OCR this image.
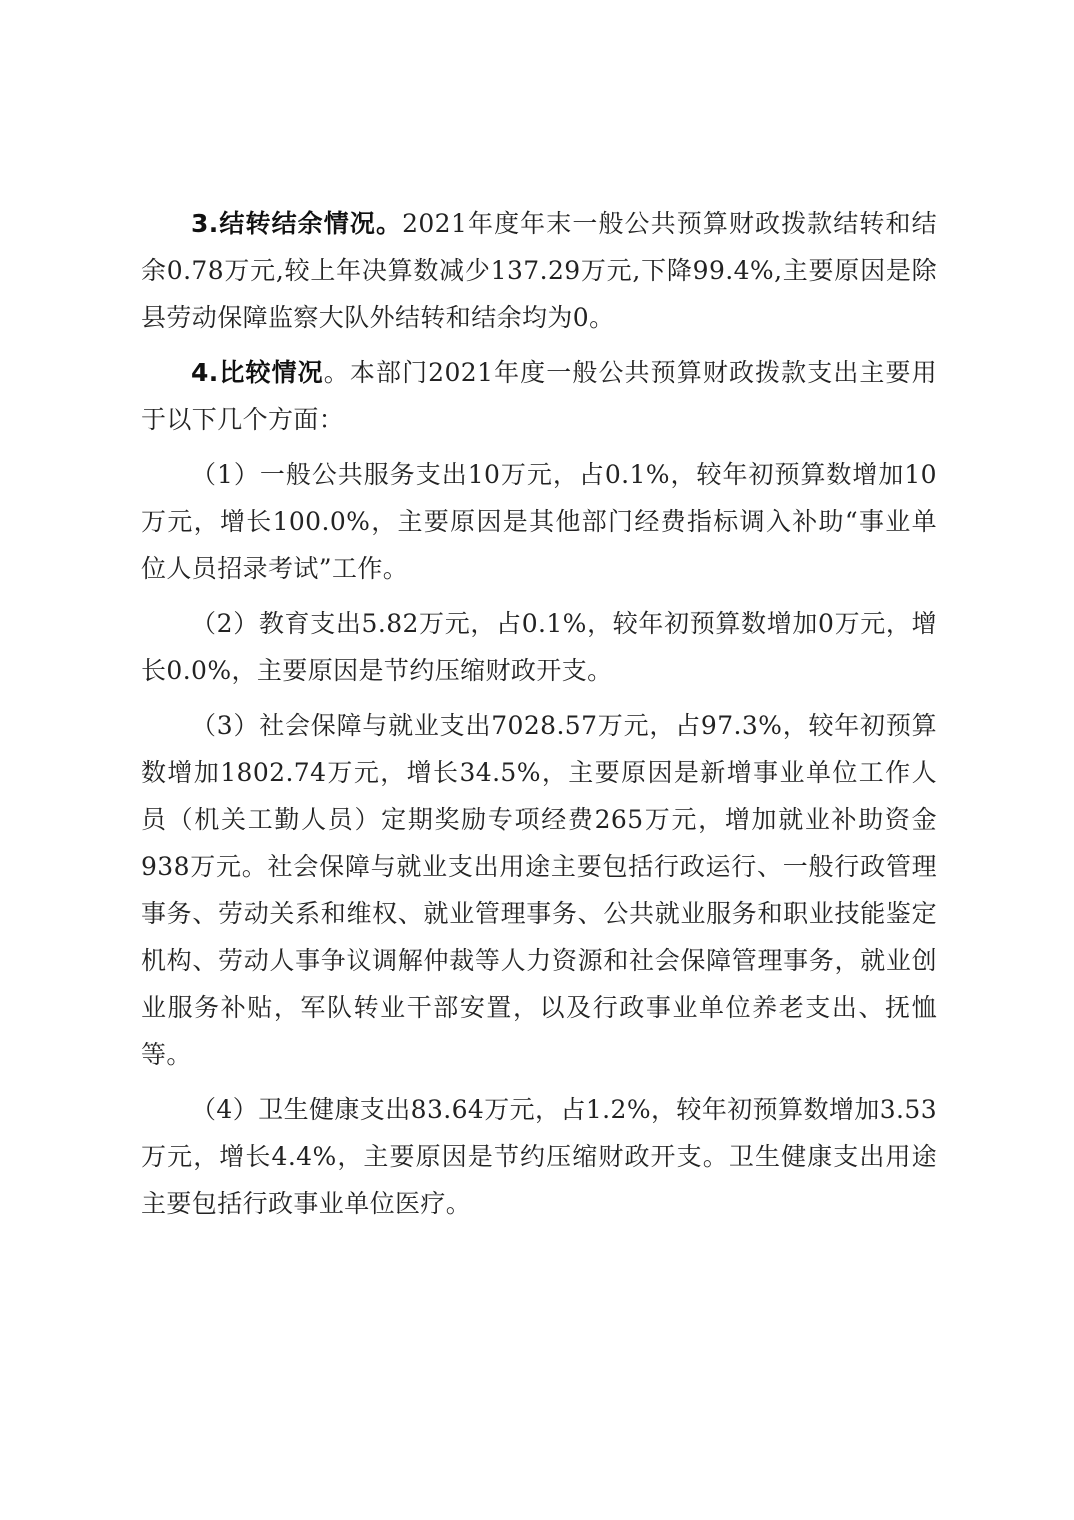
3.结转结余情况。2021年度年末一般公共预算财政拨款结转和结余0.78万元,较上年决算数减少137.29万元,下降99.4%,主要原因是除县劳动保障监察大队外结转和结余均为0。

4.比较情况。本部门2021年度一般公共预算财政拨款支出主要用于以下几个方面：

（1）一般公共服务支出10万元，占0.1%，较年初预算数增加10万元，增长100.0%，主要原因是其他部门经费指标调入补助“事业单位人员招录考试”工作。

（2）教育支出5.82万元，占0.1%，较年初预算数增加0万元，增长0.0%，主要原因是节约压缩财政开支。

（3）社会保障与就业支出7028.57万元，占97.3%，较年初预算数增加1802.74万元，增长34.5%，主要原因是新增事业单位工作人员（机关工勤人员）定期奖励专项经费265万元，增加就业补助资金938万元。社会保障与就业支出用途主要包括行政运行、一般行政管理事务、劳动关系和维权、就业管理事务、公共就业服务和职业技能鉴定机构、劳动人事争议调解仲裁等人力资源和社会保障管理事务，就业创业服务补贴，军队转业干部安置，以及行政事业单位养老支出、抚恤等。

（4）卫生健康支出83.64万元，占1.2%，较年初预算数增加3.53万元，增长4.4%，主要原因是节约压缩财政开支。卫生健康支出用途主要包括行政事业单位医疗。
